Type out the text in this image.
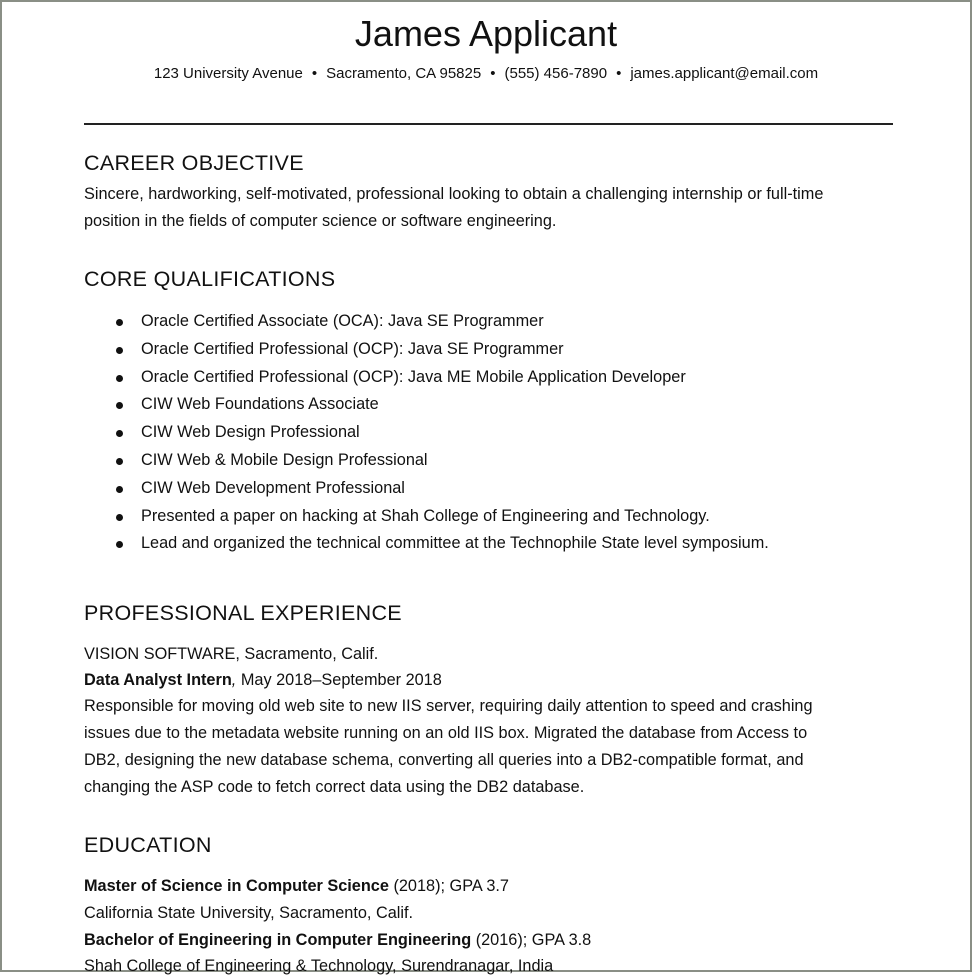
James Applicant
123 University Avenue • Sacramento, CA 95825 • (555) 456-7890 • james.applicant@email.com
CAREER OBJECTIVE
Sincere, hardworking, self-motivated, professional looking to obtain a challenging internship or full-time
position in the fields of computer science or software engineering.
CORE QUALIFICATIONS
Oracle Certified Associate (OCA): Java SE Programmer
Oracle Certified Professional (OCP): Java SE Programmer
Oracle Certified Professional (OCP): Java ME Mobile Application Developer
CIW Web Foundations Associate
CIW Web Design Professional
CIW Web & Mobile Design Professional
CIW Web Development Professional
Presented a paper on hacking at Shah College of Engineering and Technology.
Lead and organized the technical committee at the Technophile State level symposium.
PROFESSIONAL EXPERIENCE
VISION SOFTWARE, Sacramento, Calif.
Data Analyst Intern, May 2018–September 2018
Responsible for moving old web site to new IIS server, requiring daily attention to speed and crashing
issues due to the metadata website running on an old IIS box. Migrated the database from Access to
DB2, designing the new database schema, converting all queries into a DB2-compatible format, and
changing the ASP code to fetch correct data using the DB2 database.
EDUCATION
Master of Science in Computer Science (2018); GPA 3.7
California State University, Sacramento, Calif.
Bachelor of Engineering in Computer Engineering (2016); GPA 3.8
Shah College of Engineering & Technology, Surendranagar, India
